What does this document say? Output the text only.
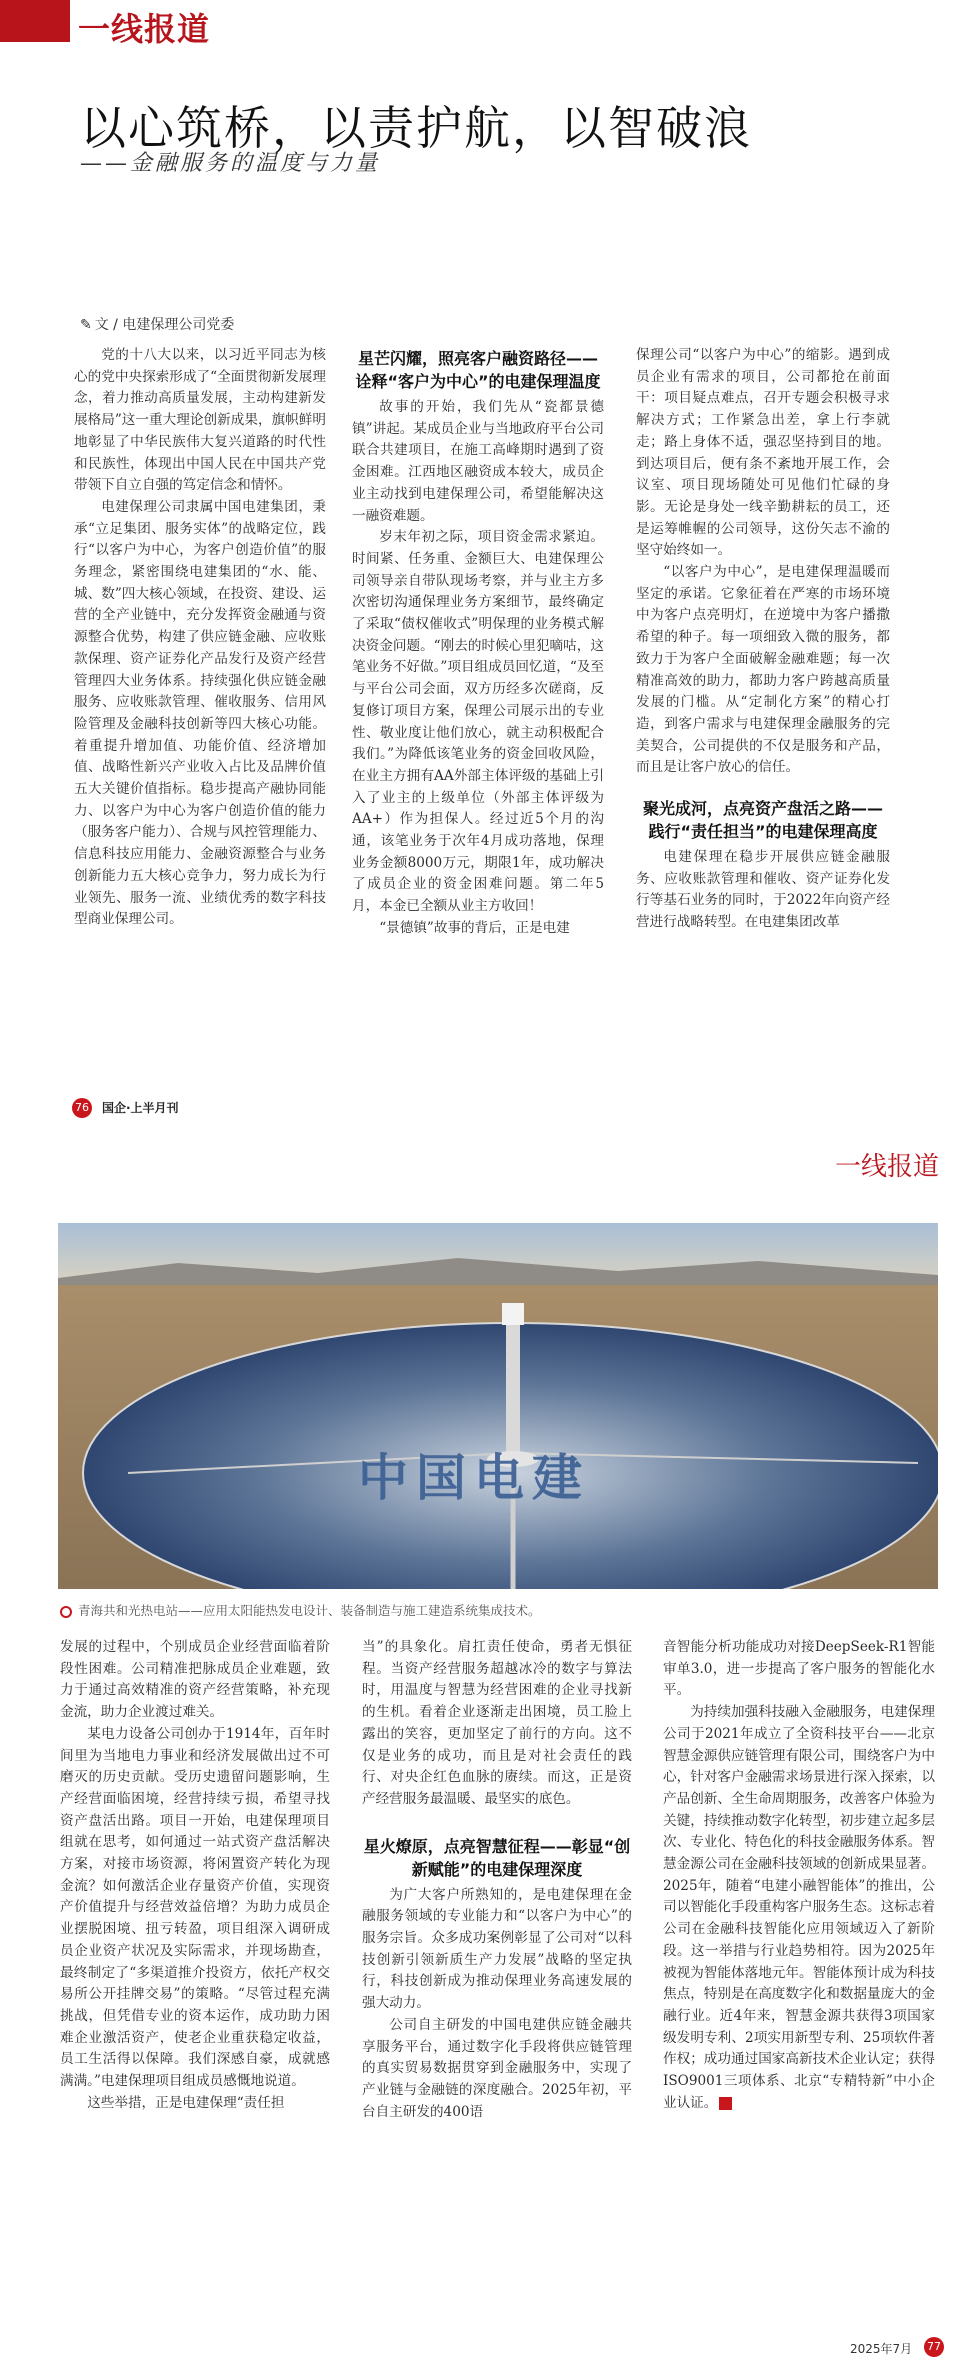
一线报道
以心筑桥，以责护航，以智破浪
——金融服务的温度与力量
✎ 文 / 电建保理公司党委

党的十八大以来，以习近平同志为核心的党中央探索形成了“全面贯彻新发展理念，着力推动高质量发展，主动构建新发展格局”这一重大理论创新成果，旗帜鲜明地彰显了中华民族伟大复兴道路的时代性和民族性，体现出中国人民在中国共产党带领下自立自强的笃定信念和情怀。

电建保理公司隶属中国电建集团，秉承“立足集团、服务实体”的战略定位，践行“以客户为中心，为客户创造价值”的服务理念，紧密围绕电建集团的“水、能、城、数”四大核心领域，在投资、建设、运营的全产业链中，充分发挥资金融通与资源整合优势，构建了供应链金融、应收账款保理、资产证券化产品发行及资产经营管理四大业务体系。持续强化供应链金融服务、应收账款管理、催收服务、信用风险管理及金融科技创新等四大核心功能。着重提升增加值、功能价值、经济增加值、战略性新兴产业收入占比及品牌价值五大关键价值指标。稳步提高产融协同能力、以客户为中心为客户创造价值的能力（服务客户能力）、合规与风控管理能力、信息科技应用能力、金融资源整合与业务创新能力五大核心竞争力，努力成长为行业领先、服务一流、业绩优秀的数字科技型商业保理公司。

星芒闪耀，照亮客户融资路径——诠释“客户为中心”的电建保理温度

故事的开始，我们先从“瓷都景德镇”讲起。某成员企业与当地政府平台公司联合共建项目，在施工高峰期时遇到了资金困难。江西地区融资成本较大，成员企业主动找到电建保理公司，希望能解决这一融资难题。

岁末年初之际，项目资金需求紧迫。时间紧、任务重、金额巨大、电建保理公司领导亲自带队现场考察，并与业主方多次密切沟通保理业务方案细节，最终确定了采取“债权催收式”明保理的业务模式解决资金问题。“刚去的时候心里犯嘀咕，这笔业务不好做。”项目组成员回忆道，“及至与平台公司会面，双方历经多次磋商，反复修订项目方案，保理公司展示出的专业性、敬业度让他们放心，就主动积极配合我们。”为降低该笔业务的资金回收风险，在业主方拥有AA外部主体评级的基础上引入了业主的上级单位（外部主体评级为AA+）作为担保人。经过近5个月的沟通，该笔业务于次年4月成功落地，保理业务金额8000万元，期限1年，成功解决了成员企业的资金困难问题。第二年5月，本金已全额从业主方收回！

“景德镇”故事的背后，正是电建

保理公司“以客户为中心”的缩影。遇到成员企业有需求的项目，公司都抢在前面干：项目疑点难点，召开专题会积极寻求解决方式；工作紧急出差，拿上行李就走；路上身体不适，强忍坚持到目的地。到达项目后，便有条不紊地开展工作，会议室、项目现场随处可见他们忙碌的身影。无论是身处一线辛勤耕耘的员工，还是运筹帷幄的公司领导，这份矢志不渝的坚守始终如一。

“以客户为中心”，是电建保理温暖而坚定的承诺。它象征着在严寒的市场环境中为客户点亮明灯，在逆境中为客户播撒希望的种子。每一项细致入微的服务，都致力于为客户全面破解金融难题；每一次精准高效的助力，都助力客户跨越高质量发展的门槛。从“定制化方案”的精心打造，到客户需求与电建保理金融服务的完美契合，公司提供的不仅是服务和产品，而且是让客户放心的信任。

聚光成河，点亮资产盘活之路——践行“责任担当”的电建保理高度

电建保理在稳步开展供应链金融服务、应收账款管理和催收、资产证券化发行等基石业务的同时，于2022年向资产经营进行战略转型。在电建集团改革

76 国企·上半月刊
一线报道
中国电建
青海共和光热电站——应用太阳能热发电设计、装备制造与施工建造系统集成技术。

发展的过程中，个别成员企业经营面临着阶段性困难。公司精准把脉成员企业难题，致力于通过高效精准的资产经营策略，补充现金流，助力企业渡过难关。

某电力设备公司创办于1914年，百年时间里为当地电力事业和经济发展做出过不可磨灭的历史贡献。受历史遗留问题影响，生产经营面临困境，经营持续亏损，希望寻找资产盘活出路。项目一开始，电建保理项目组就在思考，如何通过一站式资产盘活解决方案，对接市场资源，将闲置资产转化为现金流？如何激活企业存量资产价值，实现资产价值提升与经营效益倍增？为助力成员企业摆脱困境、扭亏转盈，项目组深入调研成员企业资产状况及实际需求，并现场勘查，最终制定了“多渠道推介投资方，依托产权交易所公开挂牌交易”的策略。“尽管过程充满挑战，但凭借专业的资本运作，成功助力困难企业激活资产，使老企业重获稳定收益，员工生活得以保障。我们深感自豪，成就感满满。”电建保理项目组成员感慨地说道。

这些举措，正是电建保理“责任担

当”的具象化。肩扛责任使命，勇者无惧征程。当资产经营服务超越冰冷的数字与算法时，用温度与智慧为经营困难的企业寻找新的生机。看着企业逐渐走出困境，员工脸上露出的笑容，更加坚定了前行的方向。这不仅是业务的成功，而且是对社会责任的践行、对央企红色血脉的赓续。而这，正是资产经营服务最温暖、最坚实的底色。

星火燎原，点亮智慧征程——彰显“创新赋能”的电建保理深度

为广大客户所熟知的，是电建保理在金融服务领域的专业能力和“以客户为中心”的服务宗旨。众多成功案例彰显了公司对“以科技创新引领新质生产力发展”战略的坚定执行，科技创新成为推动保理业务高速发展的强大动力。

公司自主研发的中国电建供应链金融共享服务平台，通过数字化手段将供应链管理的真实贸易数据贯穿到金融服务中，实现了产业链与金融链的深度融合。2025年初，平台自主研发的400语

音智能分析功能成功对接DeepSeek-R1智能审单3.0，进一步提高了客户服务的智能化水平。

为持续加强科技融入金融服务，电建保理公司于2021年成立了全资科技平台——北京智慧金源供应链管理有限公司，围绕客户为中心，针对客户金融需求场景进行深入探索，以产品创新、全生命周期服务，改善客户体验为关键，持续推动数字化转型，初步建立起多层次、专业化、特色化的科技金融服务体系。智慧金源公司在金融科技领域的创新成果显著。2025年，随着“电建小融智能体”的推出，公司以智能化手段重构客户服务生态。这标志着公司在金融科技智能化应用领域迈入了新阶段。这一举措与行业趋势相符。因为2025年被视为智能体落地元年。智能体预计成为科技焦点，特别是在高度数字化和数据量庞大的金融行业。近4年来，智慧金源共获得3项国家级发明专利、2项实用新型专利、25项软件著作权；成功通过国家高新技术企业认定；获得ISO9001三项体系、北京“专精特新”中小企业认证。	J

2025年7月 77
